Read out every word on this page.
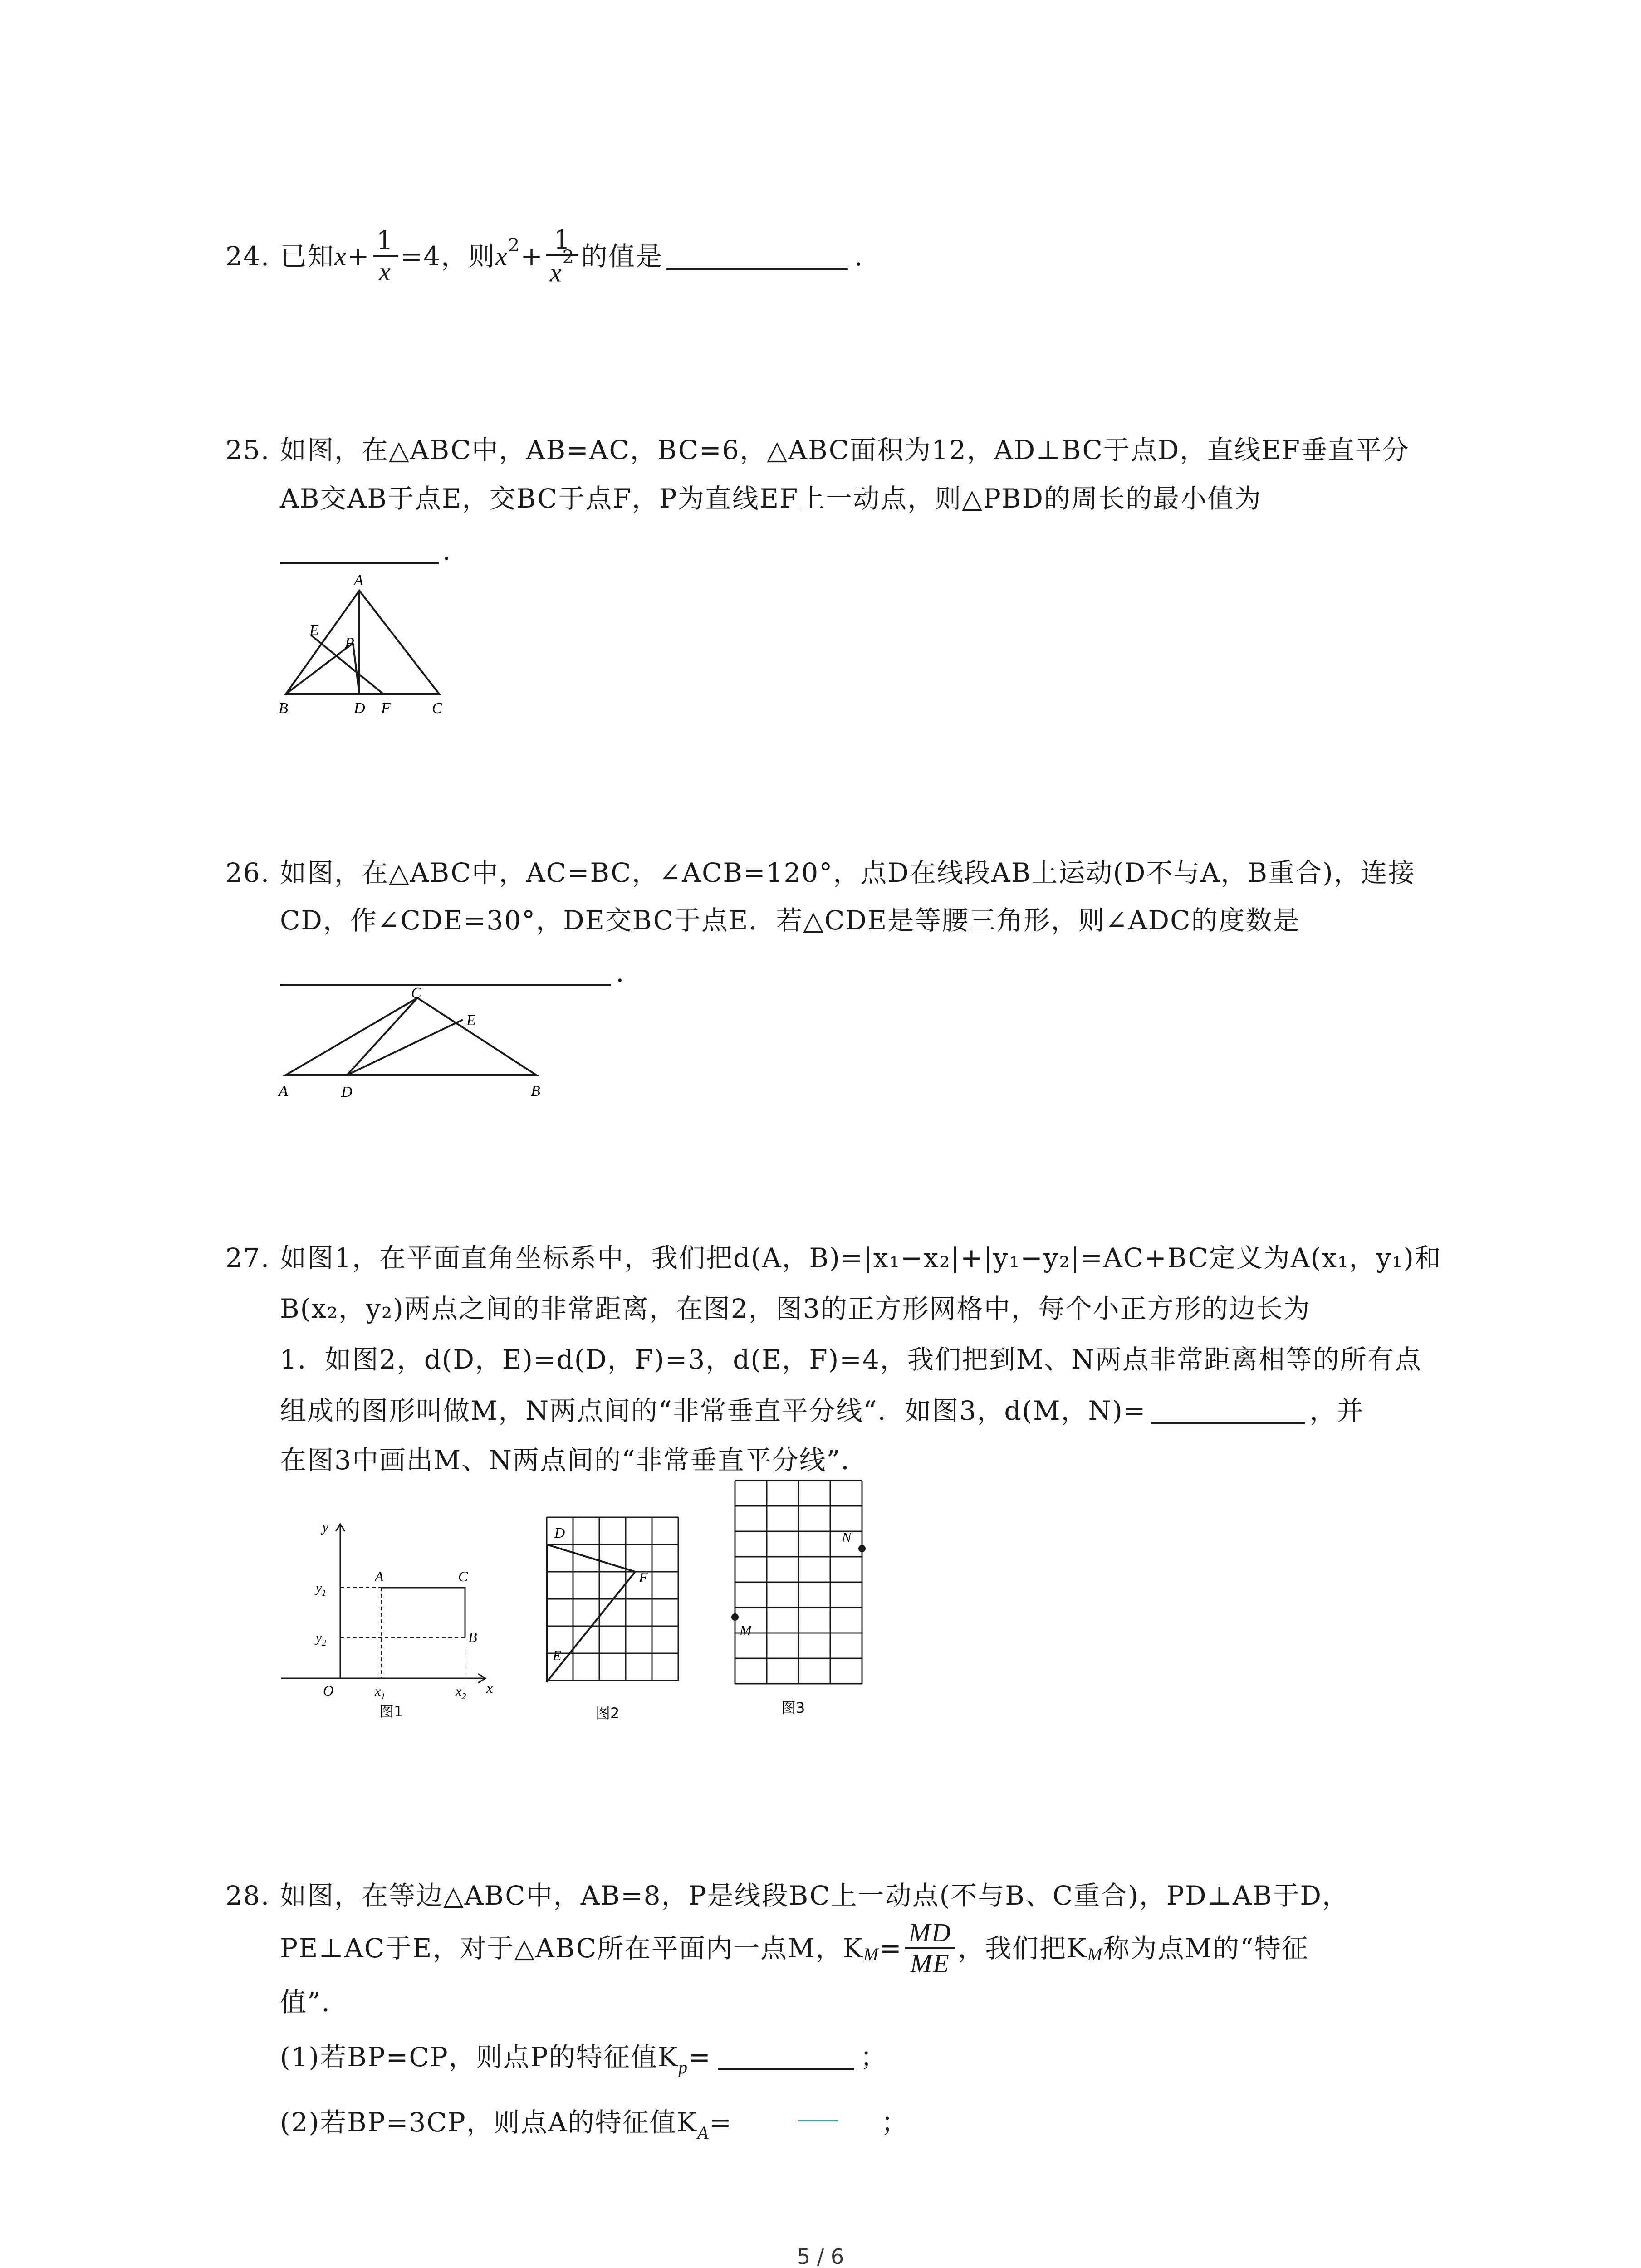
24. 已知 $x + \frac{1}{x} =4$，则 $x^2 + \frac{1}{x^2}$ 的值是	.
25. 如图，在△ABC中，AB=AC，BC=6，△ABC面积为12，AD⊥BC于点D，直线EF垂直平分
AB交AB于点E，交BC于点F，P为直线EF上一动点，则△PBD的周长的最小值为
.
A
B	C
D
E
F
P
26. 如图，在△ABC中，AC=BC，∠ACB=120°，点D在线段AB上运动(D不与A，B重合)，连接
CD，作∠CDE=30°，DE交BC于点E．若△CDE是等腰三角形，则∠ADC的度数是
.
A	B
C
D
E
27. 如图1，在平面直角坐标系中，我们把d(A，B)=|x₁−x₂|+|y₁−y₂|=AC+BC定义为A(x₁，y₁)和
B(x₂，y₂)两点之间的非常距离，在图2，图3的正方形网格中，每个小正方形的边长为
1．如图2，d(D，E)=d(D，F)=3，d(E，F)=4，我们把到M、N两点非常距离相等的所有点
组成的图形叫做M，N两点间的“非常垂直平分线“．如图3，d(M，N)=	，并
在图3中画出M、N两点间的“非常垂直平分线”．
y
x
O
A	C
B
$y_1$
$y_2$
$x_1$	$x_2$
图1
D
F
E
图2
M
N
图3
28. 如图，在等边△ABC中，AB=8，P是线段BC上一动点(不与B、C重合)，PD⊥AB于D，
PE⊥AC于E，对于△ABC所在平面内一点M，$K_M = \frac{MD}{ME}$ ，我们把$K_M$ 称为点M的“特征
值”．
(1)若BP=CP，则点P的特征值$K_p$ =	；
(2)若BP=3CP，则点A的特征值$K_A$ =	；
5 / 6
